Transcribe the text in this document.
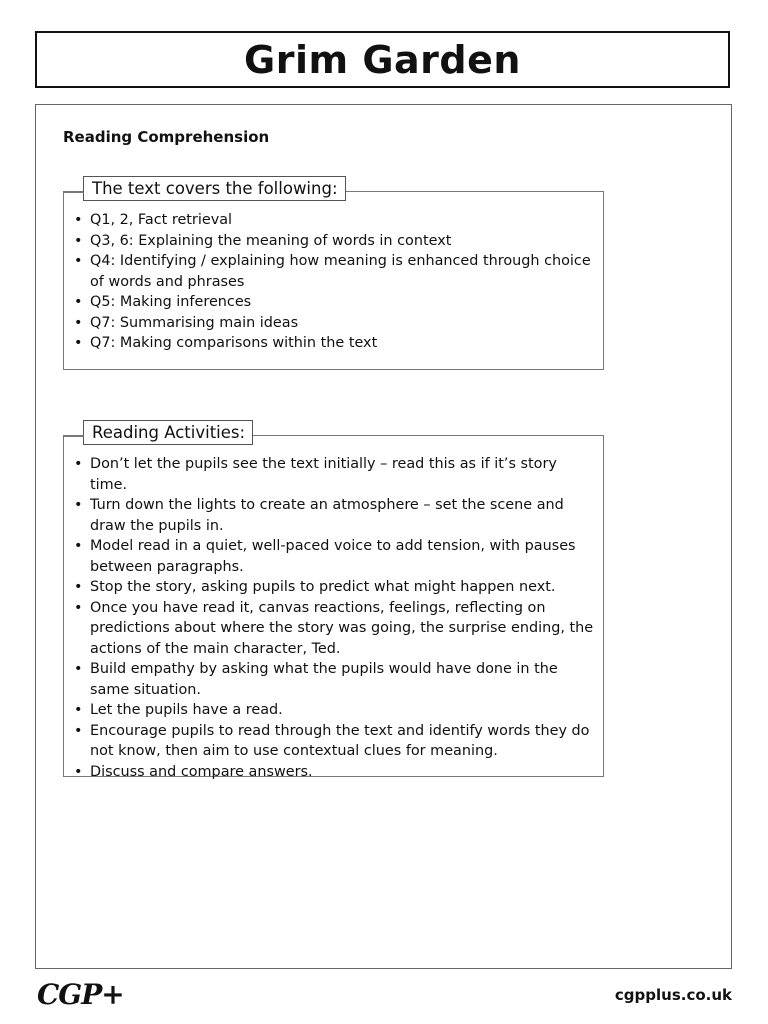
Grim Garden
Reading Comprehension
The text covers the following:
• Q1, 2, Fact retrieval
• Q3, 6: Explaining the meaning of words in context
• Q4: Identifying / explaining how meaning is enhanced through choice of words and phrases
• Q5: Making inferences
• Q7: Summarising main ideas
• Q7: Making comparisons within the text
Reading Activities:
• Don’t let the pupils see the text initially – read this as if it’s story time.
• Turn down the lights to create an atmosphere – set the scene and draw the pupils in.
• Model read in a quiet, well-paced voice to add tension, with pauses between paragraphs.
• Stop the story, asking pupils to predict what might happen next.
• Once you have read it, canvas reactions, feelings, reflecting on predictions about where the story was going, the surprise ending, the actions of the main character, Ted.
• Build empathy by asking what the pupils would have done in the same situation.
• Let the pupils have a read.
• Encourage pupils to read through the text and identify words they do not know, then aim to use contextual clues for meaning.
• Discuss and compare answers.
CGP+	cgpplus.co.uk
